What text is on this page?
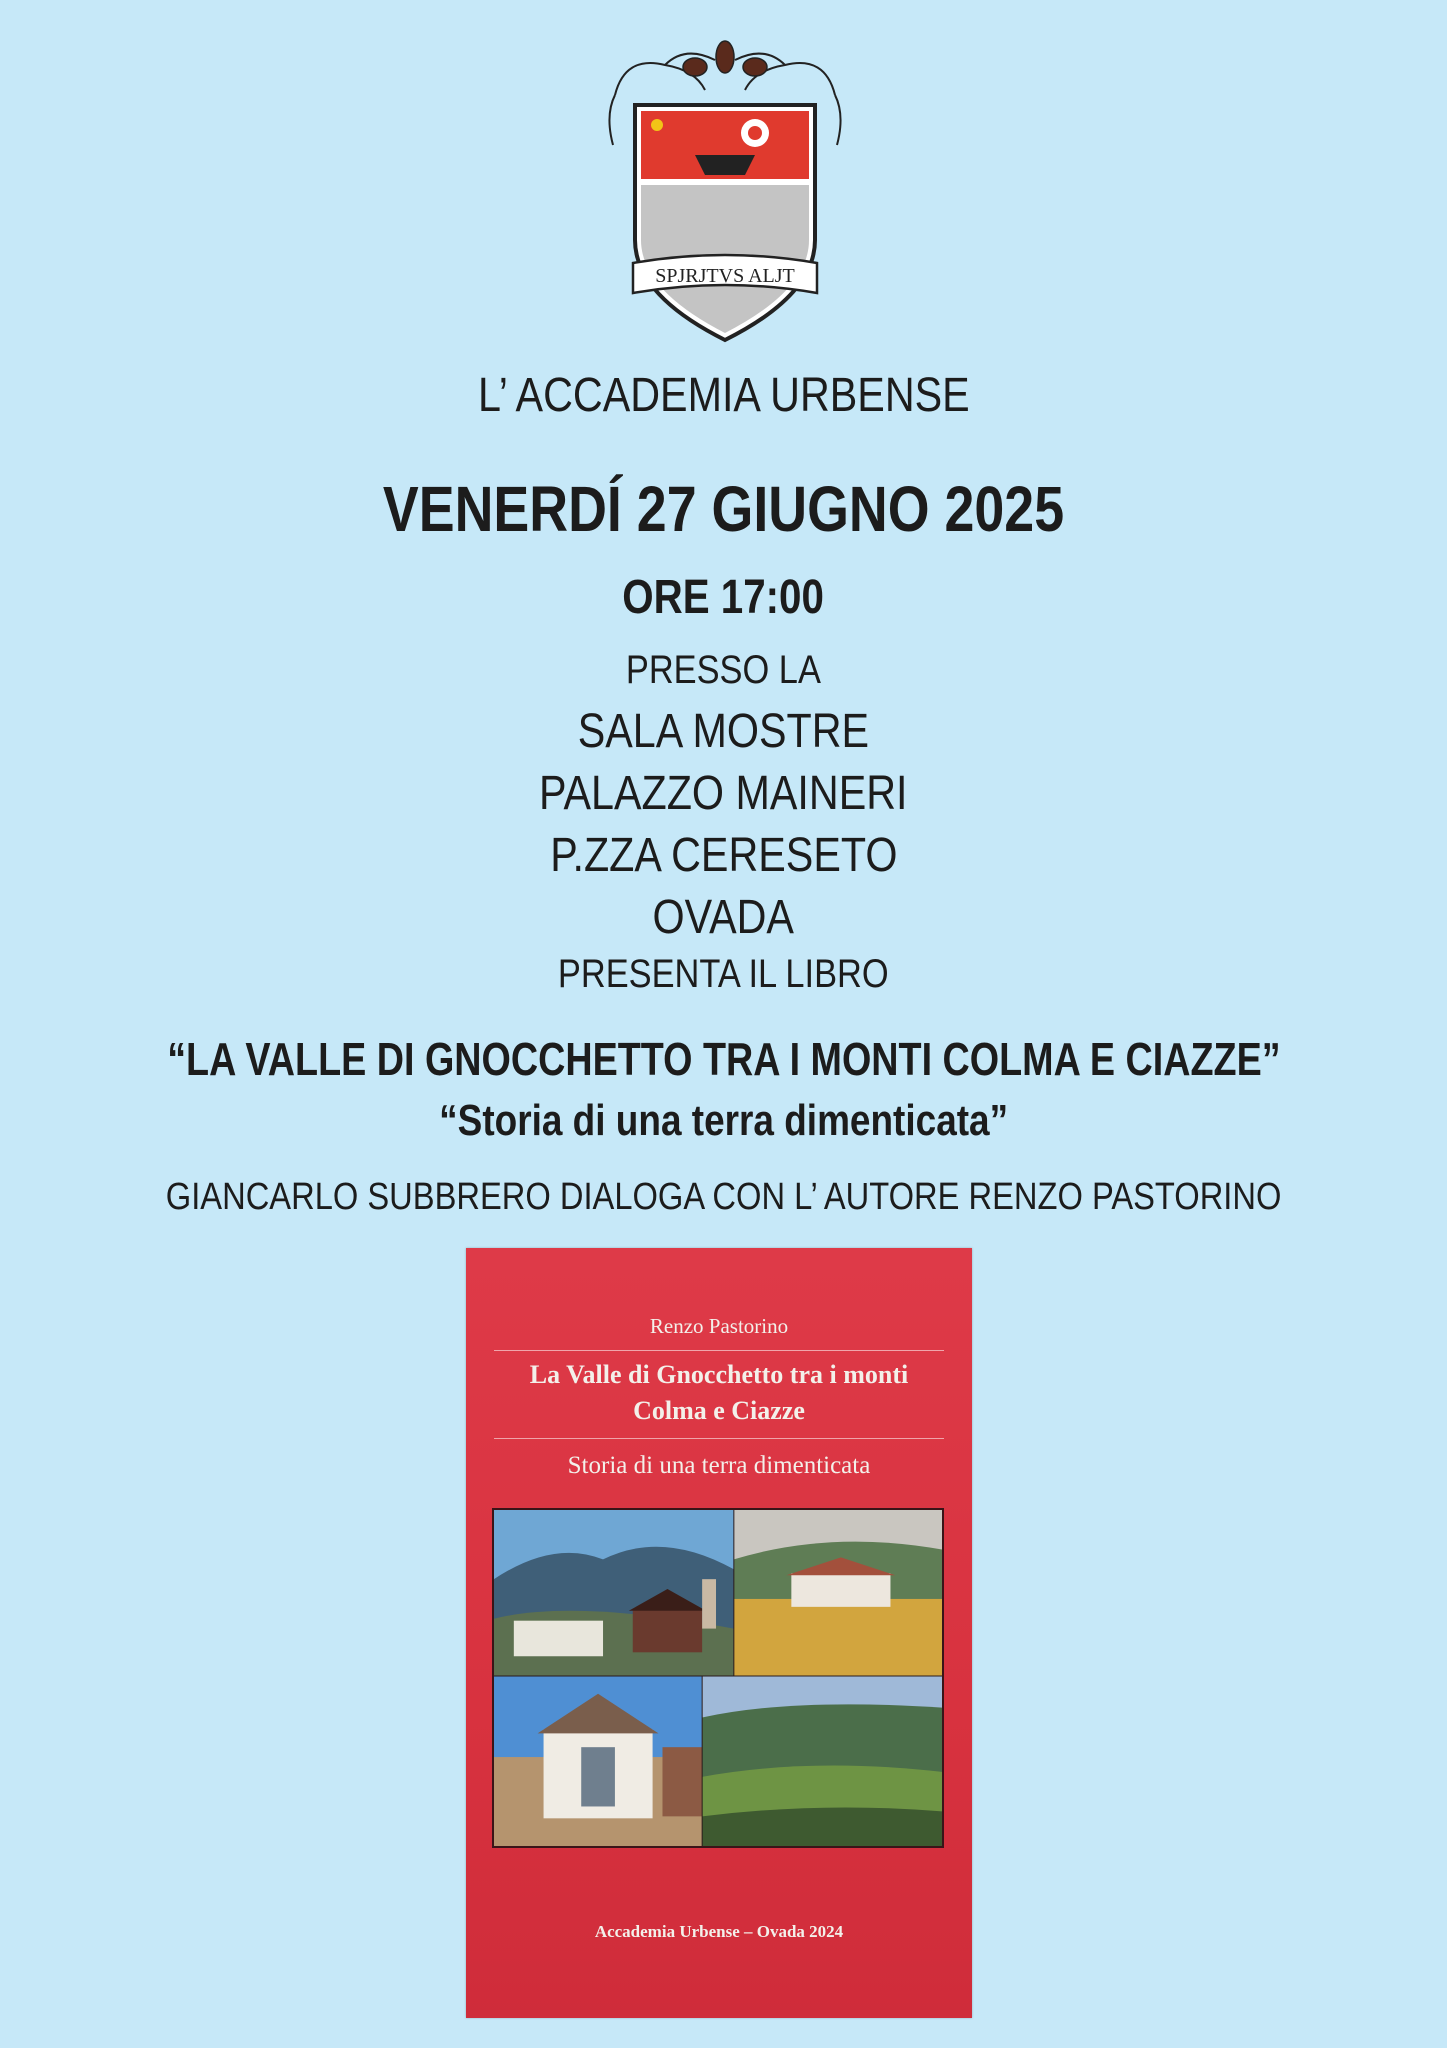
SPJRJTVS ALJT
L’ ACCADEMIA URBENSE
VENERDÍ 27 GIUGNO 2025
ORE 17:00
PRESSO LA
SALA MOSTRE
PALAZZO MAINERI
P.ZZA CERESETO
OVADA
PRESENTA IL LIBRO
“LA VALLE DI GNOCCHETTO TRA I MONTI COLMA E CIAZZE”
“Storia di una terra dimenticata”
GIANCARLO SUBBRERO DIALOGA CON L’ AUTORE RENZO PASTORINO
Renzo Pastorino
La Valle di Gnocchetto tra i monti
Colma e Ciazze
Storia di una terra dimenticata
Accademia Urbense – Ovada 2024
